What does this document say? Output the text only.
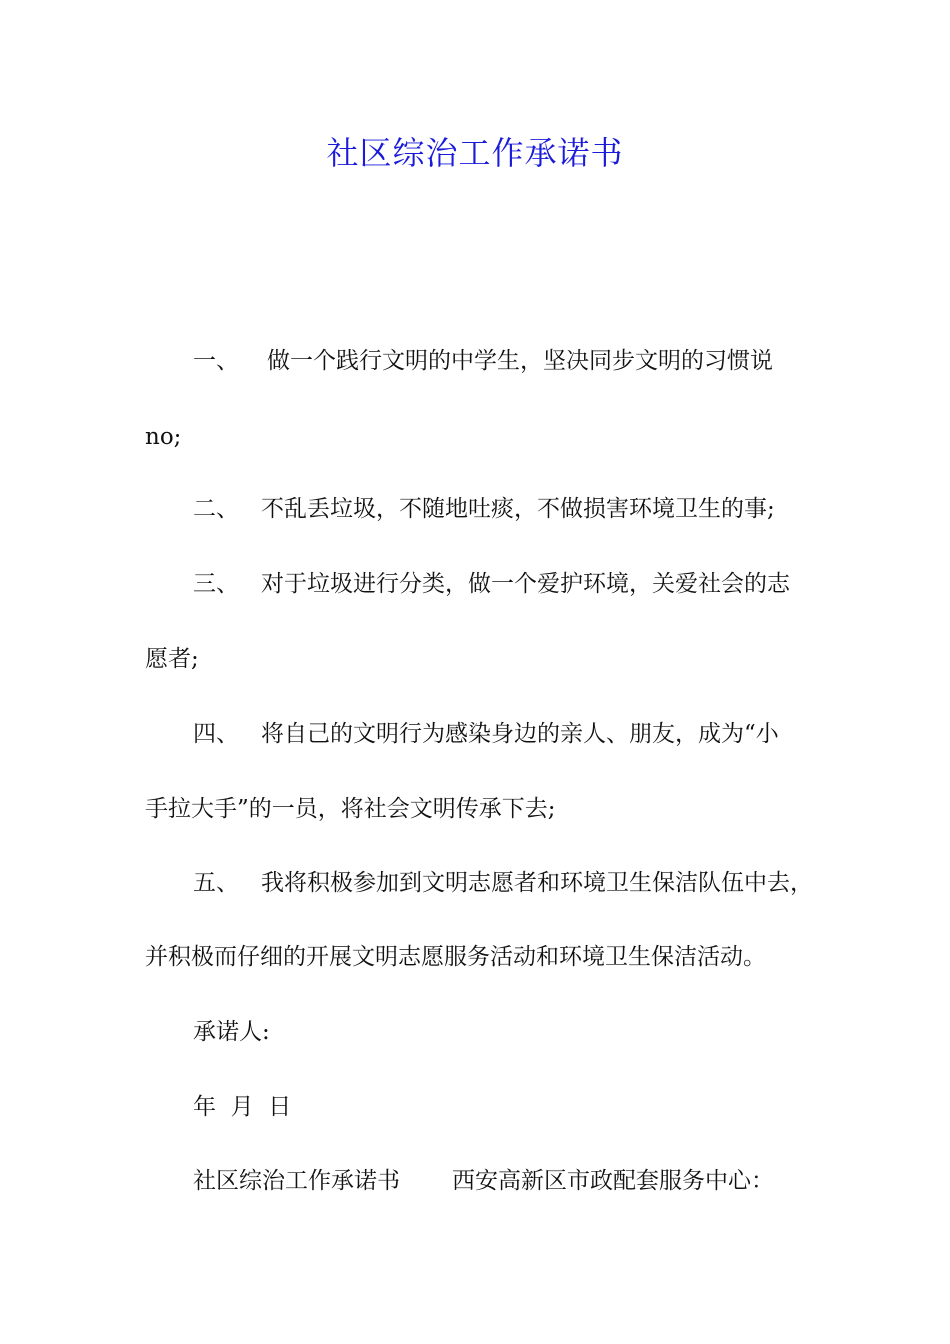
社区综治工作承诺书

一、 做一个践行文明的中学生，坚决同步文明的习惯说

no;

二、 不乱丢垃圾，不随地吐痰，不做损害环境卫生的事;

三、 对于垃圾进行分类，做一个爱护环境，关爱社会的志

愿者;

四、 将自己的文明行为感染身边的亲人、朋友，成为“小

手拉大手”的一员，将社会文明传承下去;

五、 我将积极参加到文明志愿者和环境卫生保洁队伍中去，

并积极而仔细的开展文明志愿服务活动和环境卫生保洁活动。

承诺人:

年  月  日

社区综治工作承诺书 西安高新区市政配套服务中心：
